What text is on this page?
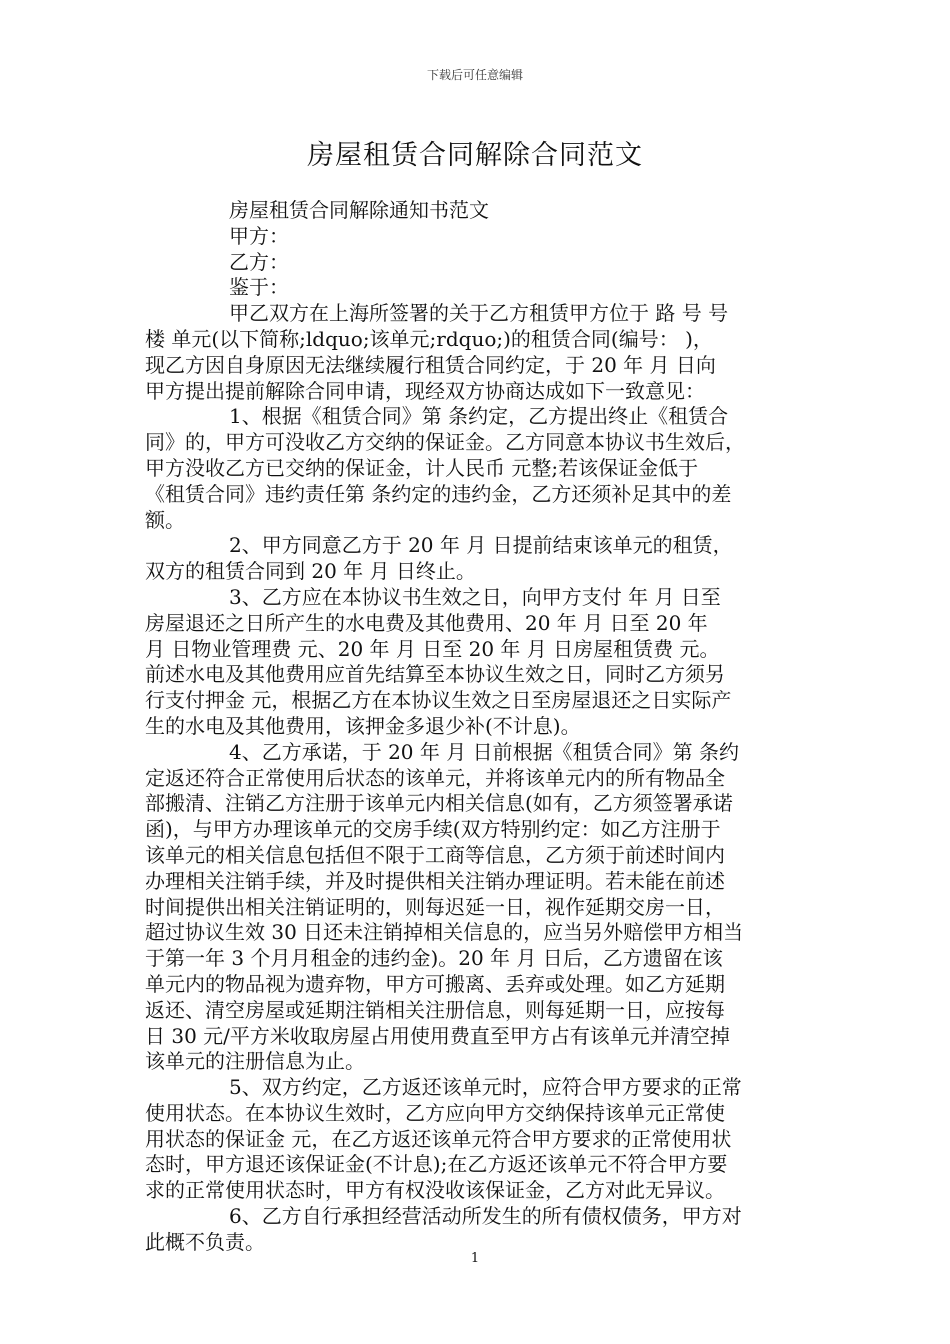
下载后可任意编辑
房屋租赁合同解除合同范文

房屋租赁合同解除通知书范文

甲方：

乙方：

鉴于：

甲乙双方在上海所签署的关于乙方租赁甲方位于 路 号 号

楼 单元(以下简称;ldquo;该单元;rdquo;)的租赁合同(编号： )，

现乙方因自身原因无法继续履行租赁合同约定，于 20 年 月 日向

甲方提出提前解除合同申请，现经双方协商达成如下一致意见：

1、根据《租赁合同》第 条约定，乙方提出终止《租赁合

同》的，甲方可没收乙方交纳的保证金。乙方同意本协议书生效后，

甲方没收乙方已交纳的保证金，计人民币 元整;若该保证金低于

《租赁合同》违约责任第 条约定的违约金，乙方还须补足其中的差

额。

2、甲方同意乙方于 20 年 月 日提前结束该单元的租赁，

双方的租赁合同到 20 年 月 日终止。

3、乙方应在本协议书生效之日，向甲方支付 年 月 日至

房屋退还之日所产生的水电费及其他费用、20 年 月 日至 20 年

月 日物业管理费 元、20 年 月 日至 20 年 月 日房屋租赁费 元。

前述水电及其他费用应首先结算至本协议生效之日，同时乙方须另

行支付押金 元，根据乙方在本协议生效之日至房屋退还之日实际产

生的水电及其他费用，该押金多退少补(不计息)。

4、乙方承诺，于 20 年 月 日前根据《租赁合同》第 条约

定返还符合正常使用后状态的该单元，并将该单元内的所有物品全

部搬清、注销乙方注册于该单元内相关信息(如有，乙方须签署承诺

函)，与甲方办理该单元的交房手续(双方特别约定：如乙方注册于

该单元的相关信息包括但不限于工商等信息，乙方须于前述时间内

办理相关注销手续，并及时提供相关注销办理证明。若未能在前述

时间提供出相关注销证明的，则每迟延一日，视作延期交房一日，

超过协议生效 30 日还未注销掉相关信息的，应当另外赔偿甲方相当

于第一年 3 个月月租金的违约金)。20 年 月 日后，乙方遗留在该

单元内的物品视为遗弃物，甲方可搬离、丢弃或处理。如乙方延期

返还、清空房屋或延期注销相关注册信息，则每延期一日，应按每

日 30 元/平方米收取房屋占用使用费直至甲方占有该单元并清空掉

该单元的注册信息为止。

5、双方约定，乙方返还该单元时，应符合甲方要求的正常

使用状态。在本协议生效时，乙方应向甲方交纳保持该单元正常使

用状态的保证金 元，在乙方返还该单元符合甲方要求的正常使用状

态时，甲方退还该保证金(不计息);在乙方返还该单元不符合甲方要

求的正常使用状态时，甲方有权没收该保证金，乙方对此无异议。

6、乙方自行承担经营活动所发生的所有债权债务，甲方对

此概不负责。

1
